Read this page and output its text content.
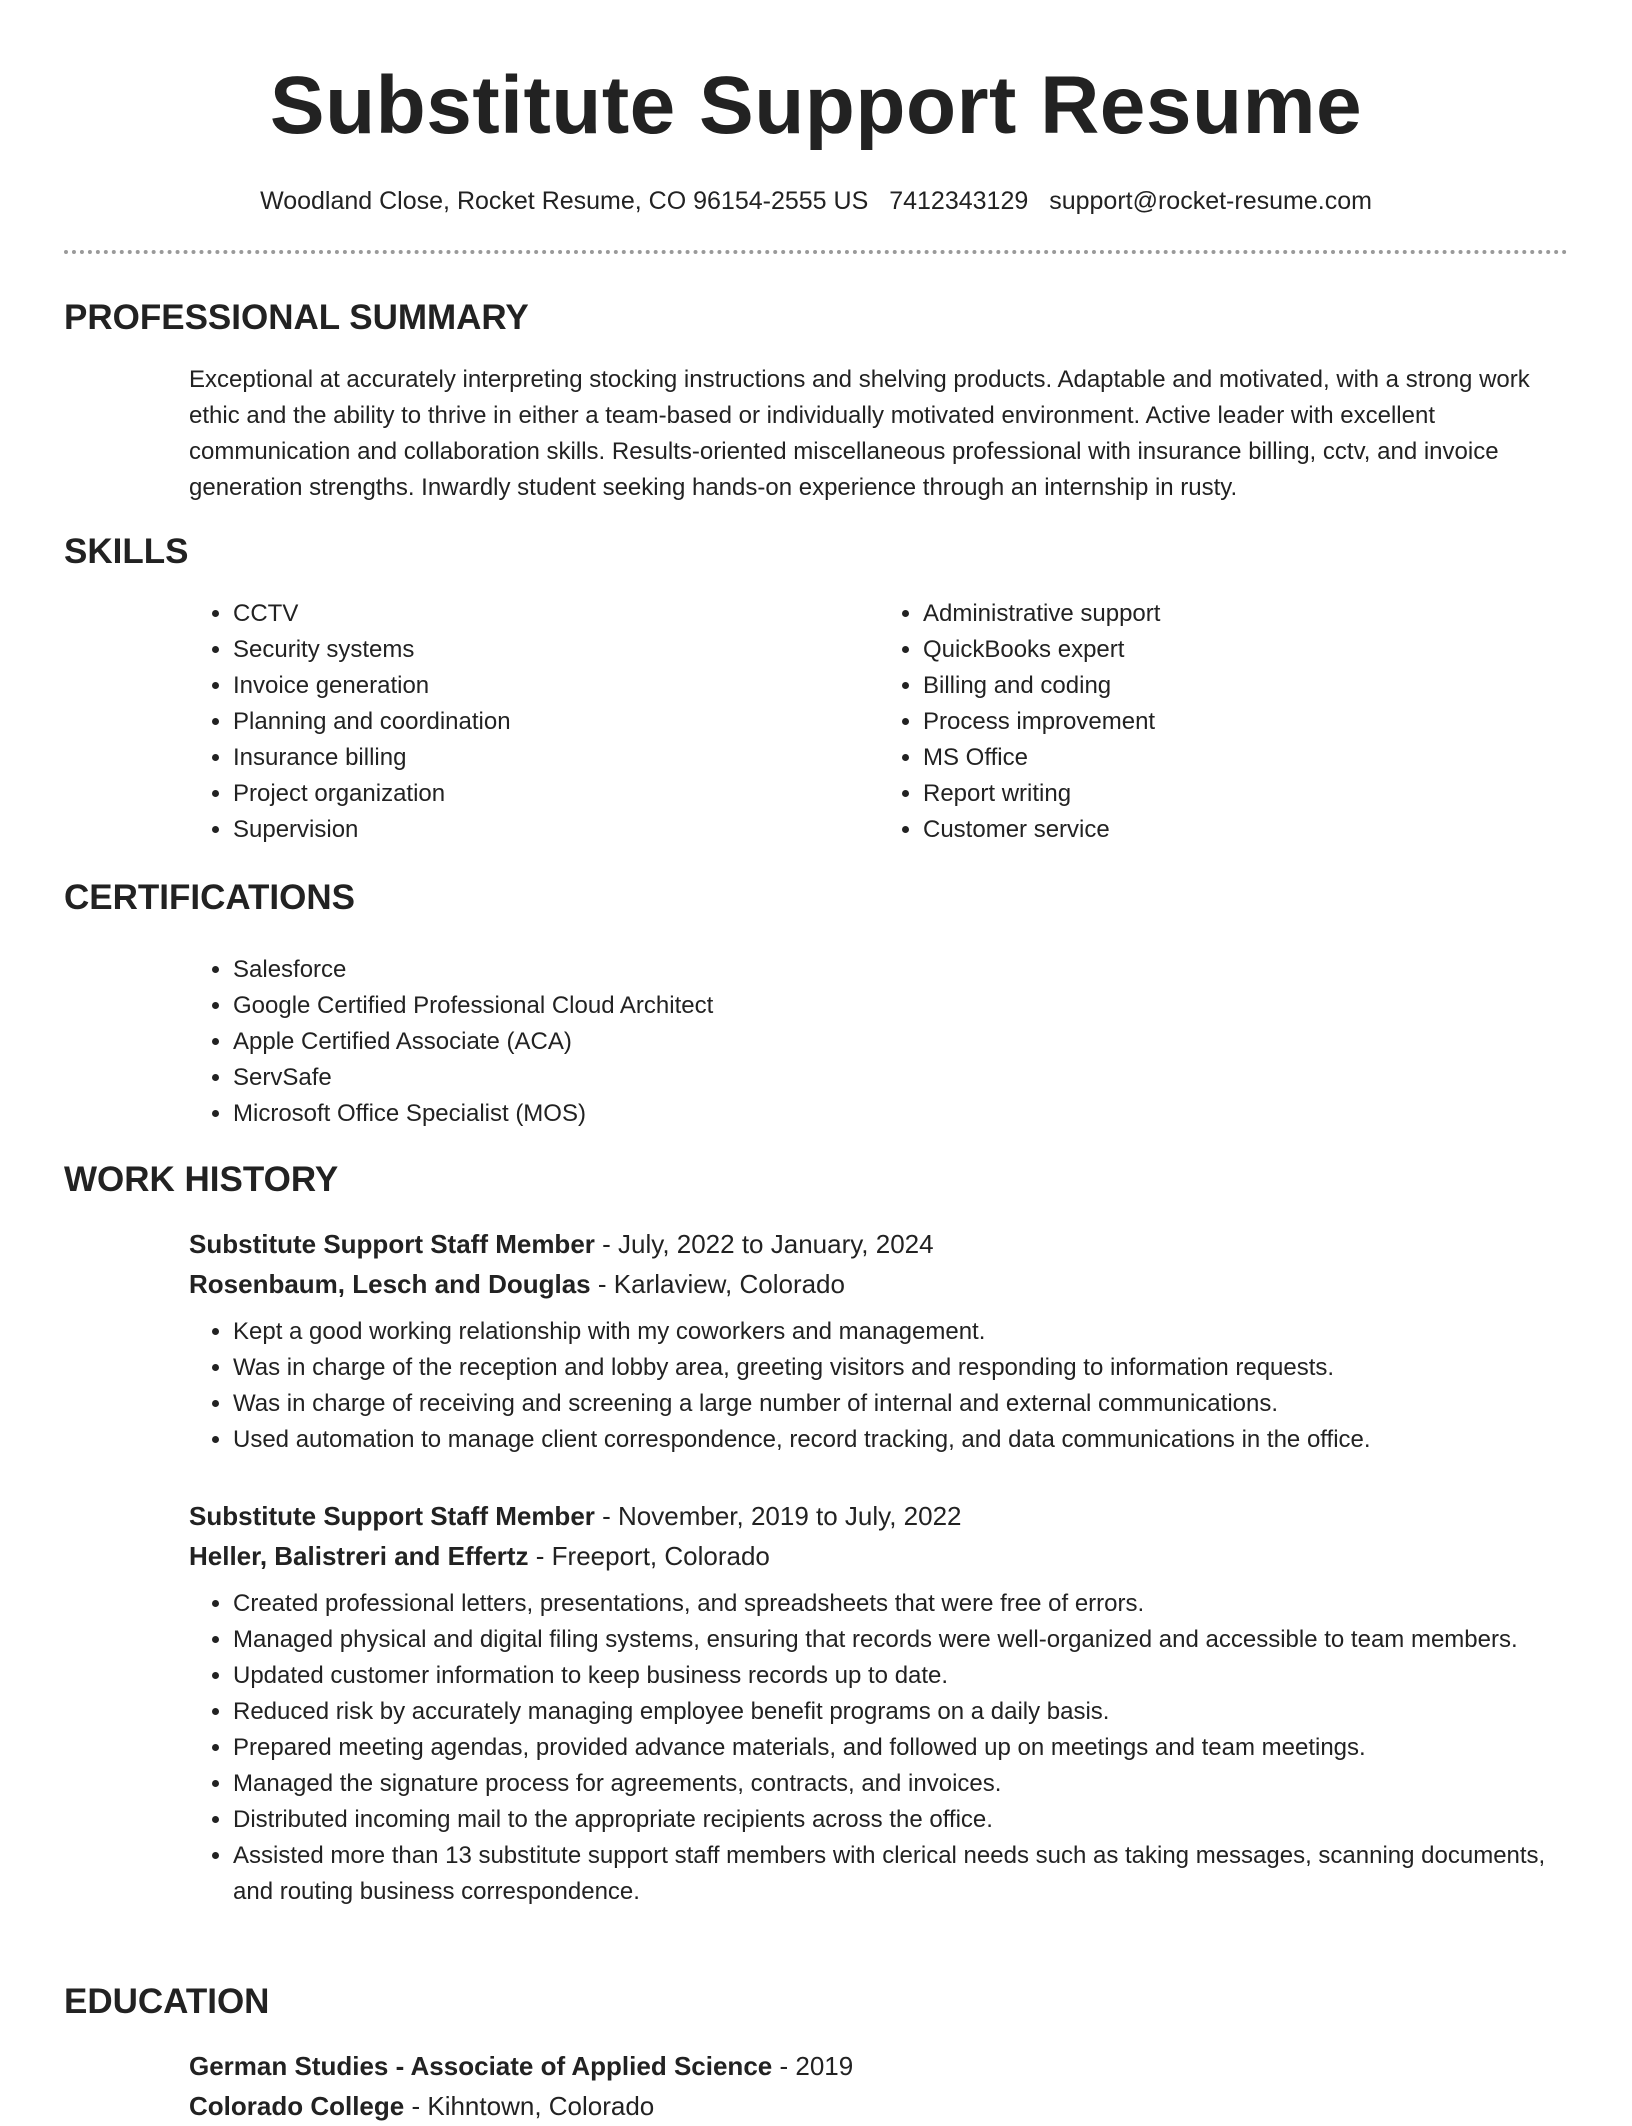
Substitute Support Resume
Woodland Close, Rocket Resume, CO 96154-2555 US 7412343129 support@rocket-resume.com
PROFESSIONAL SUMMARY
Exceptional at accurately interpreting stocking instructions and shelving products. Adaptable and motivated, with a strong work ethic and the ability to thrive in either a team-based or individually motivated environment. Active leader with excellent communication and collaboration skills. Results-oriented miscellaneous professional with insurance billing, cctv, and invoice generation strengths. Inwardly student seeking hands-on experience through an internship in rusty.
SKILLS
• CCTV
• Security systems
• Invoice generation
• Planning and coordination
• Insurance billing
• Project organization
• Supervision
• Administrative support
• QuickBooks expert
• Billing and coding
• Process improvement
• MS Office
• Report writing
• Customer service
CERTIFICATIONS
• Salesforce
• Google Certified Professional Cloud Architect
• Apple Certified Associate (ACA)
• ServSafe
• Microsoft Office Specialist (MOS)
WORK HISTORY
Substitute Support Staff Member - July, 2022 to January, 2024
Rosenbaum, Lesch and Douglas - Karlaview, Colorado
• Kept a good working relationship with my coworkers and management.
• Was in charge of the reception and lobby area, greeting visitors and responding to information requests.
• Was in charge of receiving and screening a large number of internal and external communications.
• Used automation to manage client correspondence, record tracking, and data communications in the office.
Substitute Support Staff Member - November, 2019 to July, 2022
Heller, Balistreri and Effertz - Freeport, Colorado
• Created professional letters, presentations, and spreadsheets that were free of errors.
• Managed physical and digital filing systems, ensuring that records were well-organized and accessible to team members.
• Updated customer information to keep business records up to date.
• Reduced risk by accurately managing employee benefit programs on a daily basis.
• Prepared meeting agendas, provided advance materials, and followed up on meetings and team meetings.
• Managed the signature process for agreements, contracts, and invoices.
• Distributed incoming mail to the appropriate recipients across the office.
• Assisted more than 13 substitute support staff members with clerical needs such as taking messages, scanning documents, and routing business correspondence.
EDUCATION
German Studies - Associate of Applied Science - 2019
Colorado College - Kihntown, Colorado
